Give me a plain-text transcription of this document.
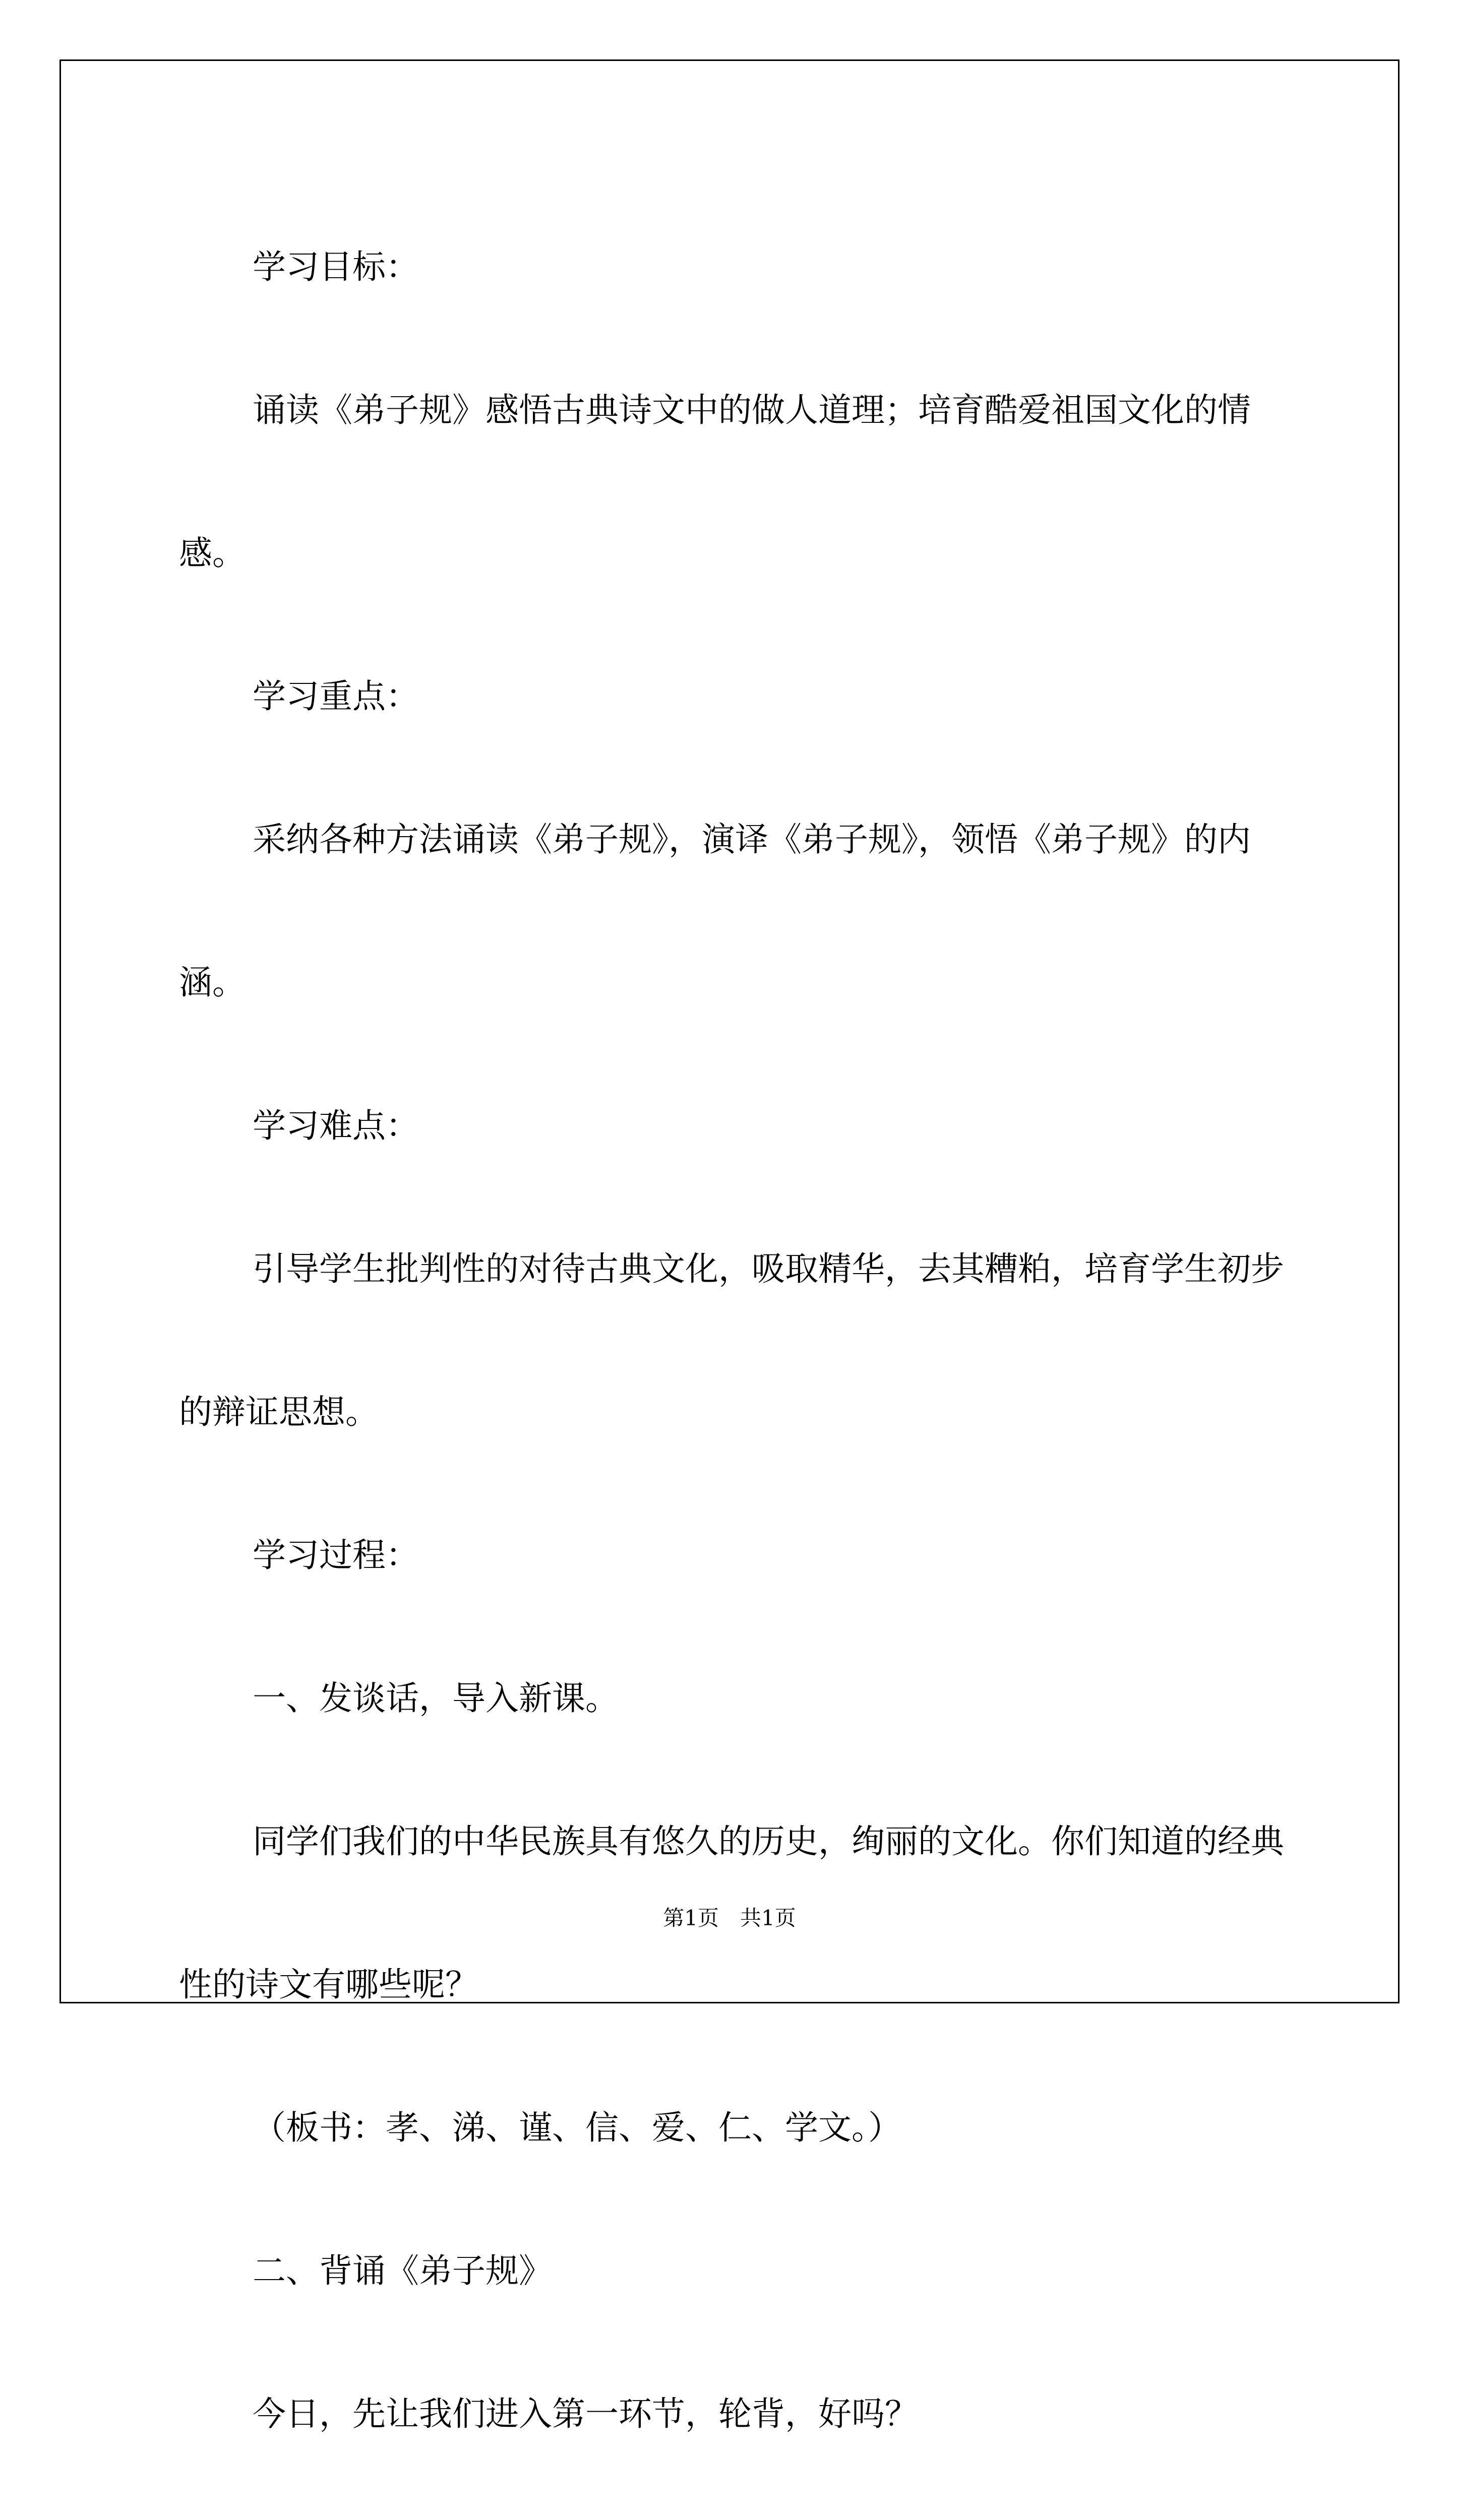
学习目标：

诵读《弟子规》感悟古典诗文中的做人道理；培育酷爱祖国文化的情感。

学习重点：

采纳各种方法诵读《弟子规》，演译《弟子规》，领悟《弟子规》的内涵。

学习难点：

引导学生批判性的对待古典文化，吸取精华，去其糟粕，培育学生初步的辩证思想。

学习过程：

一、发谈话，导入新课。

同学们我们的中华民族具有悠久的历史，绚丽的文化。你们知道的经典性的诗文有哪些呢？

（板书：孝、涕、谨、信、爱、仁、学文。）

二、背诵《弟子规》

今日，先让我们进入第一环节，轮背，好吗？

第1页　共1页
